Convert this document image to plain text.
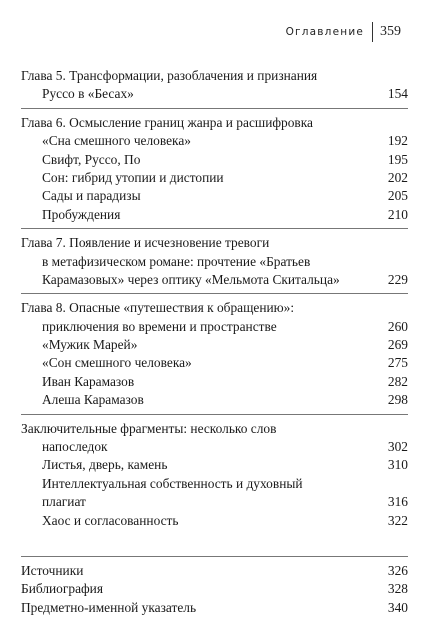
Оглавление	359
Глава 5. Трансформации, разоблачения и признания
Руссо в «Бесах»	154
Глава 6. Осмысление границ жанра и расшифровка
«Сна смешного человека»	192
Свифт, Руссо, По	195
Сон: гибрид утопии и дистопии	202
Сады и парадизы	205
Пробуждения	210
Глава 7. Появление и исчезновение тревоги
в метафизическом романе: прочтение «Братьев
Карамазовых» через оптику «Мельмота Скитальца»	229
Глава 8. Опасные «путешествия к обращению»:
приключения во времени и пространстве	260
«Мужик Марей»	269
«Сон смешного человека»	275
Иван Карамазов	282
Алеша Карамазов	298
Заключительные фрагменты: несколько слов
напоследок	302
Листья, дверь, камень	310
Интеллектуальная собственность и духовный
плагиат	316
Хаос и согласованность	322
Источники	326
Библиография	328
Предметно-именной указатель	340
